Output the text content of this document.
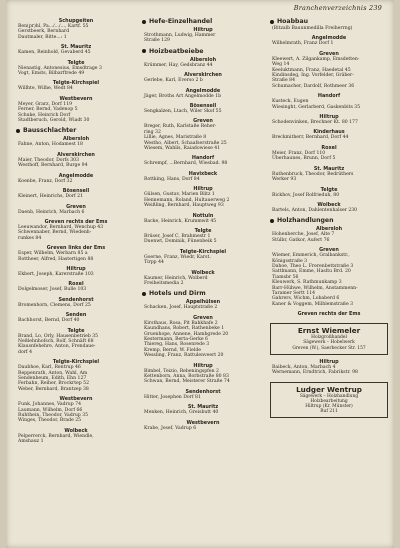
Branchenverzeichnis 239
Schupgeiten
Ben(pr)hl, Pa.../.../..., Kartf. 55
Gerstbeerk, Bernhard
Dautmaler, Bitte...: 1
St. Mauritz
Kamen, Reinhold, Gevaberd 45
Telgte
Nienastig, Antonesius, Emsdtrage 3
Vogt, Emsts, Bilbarftrede 49
Telgte-Kirchspiel
Willhte, Wilhe, Wedt 84
Westbevern
Meyer, Grarz, Dorf 119
Ferner, Bernd, Vadenop 5
Schuke, Heinrich Dorf
Stadtberuch, Gerold, Wiadt 30
Bausschlachter
Albersloh
Fahne, Anton, Hodamest 18
Alverskirchen
Maier, Theodor, Dorfs 303
Westhoff, Bernhard, Burge 94
Angelmodde
Koenbe, Franz, Dorf 32
Bösensell
Kleinert, Heinrichs, Dorf 21
Greven
Daenb, Heinrich, Marbach 6
Greven rechts der Ems
Leeuwandor, Bernhard, Wenchup 43
Schwennaber, Bernd, Wiedenh-
runkes 84
Greven links der Ems
Esper, Wilhelm, Werbarn 85 a
Rottheer, Alfred, Hastertigen 88
Hiltrup
Ekbert, Joseph, Karerstraße 103
Roxel
Dolgelmoser, Josef, Bulle 103
Sendenhorst
Bromenhorn, Clemens, Dorf 25
Senden
Bachhorst, Bernd, Dorf 40
Telgte
Brand, Lo, Orly, Hausenbetrieb 35
Neßlehnhofsch, Rolf, Schnäft 68
Klausnfehehre, Anton, Frendaue-
dorf 4
Telgte-Kirchspiel
Daubhoe, Karl, Rentrup 46
Reppenrath, Anton, Wahl, Am
Sendenbeum, Edith, Ehn 127
Ferbahn, Reiher, Brockrtep 52
Weber, Bernhard, Brantzep 38
Westbevern
Funk, Johannes, Vadrup 74
Laumann, Wilhelm, Dorf 66
Ruhthein, Theodor, Vadrup 35
Winges, Theodor, Brade 25
Wolbeck
Pelperrerck, Bernhard, Wiendle,
Amshauz 1
Hefe-Einzelhandel
Hiltrup
Strothmann, Ludwig, Hammer
Straße 129
Hoizbeatbeiebe
Albersloh
Krümmer, Hay, Gedsbranz 44
Alverskirchen
Gerlebe, Karl, Everso 2 b
Angelmodde
Jäger, Broths Art Angelmodde 1b
Bösensell
Sengkalzen, Ltach, Wiler Skof 55
Greven
Breger, Ruth, Karlstaße Reher-
ring 32
Lillie, Agnes, Maristraße 8
Westho, Albert, Schaafserstraße 25
Wiesem, Wahlis, Raiadowiese 41
Handorf
Schrempf, ...Bernhard, Wiesbad. 98
Havixbeck
Rottking, Hans, Dorf 84
Hiltrup
Gülsen, Gustav, Marien Blitz 1
Hennemann, Roland, Hultauerweg 2
Weißling, Bernhard, Hauptweg 93
Nottuln
Backe, Heinrich, Krummwit 45
Telgte
Brüser, Josef C, Brahmestr 1
Duenwt, Dominik, Fünenbeik 5
Telgte-Kirchspiel
Goerne, Franz, Wiedr, Karst.
Tirpp 44
Wolbeck
Kaumer, Heinrich, Wolberd
Freiheitsmedia 2
Hotels und Dirm
Appelhülsen
Schacken, Josef, Hauptstraße 2
Greven
Kirsthaus, Rosa, Pit Bahkhafe 2
Kaundhans, Robert, Rathenbeke 1
Gruenhope, Annene, Hambgrede 20
Kestermann, Berta-Gerke 6
Thiereg, Hans, Rosenrede 3
Kremp, Bernd, W. Fielde
Wessling, Franz, Rattulenveert 20
Hiltrup
Bimbel, Teizio, Rebeningspfen 2
Kettenborn, Anna, Borbstraße 80 83
Schwan, Bernd, Meisterer Straße 74
Sendenhorst
Hitter, Josephen Dorf 81
St. Mauritz
Menken, Heinrich, Greisbutt 40
Westbevern
Krabe, Josef, Vadrup 6
Hoabbau
(Bitzalb Bauunmedilla Freiherrng)
Angelmodde
Wilhelmrath, Franz Dorf 1
Greven
Kleewert, A. Zilgankamp, Emsdetten-
Weg 14
Keeluktmann, Franz, Haedetal 45
Kindinsdeg, Ing. Vorfelder, Gräber-
Straße 84
Schumacher, Dardolf, Rothmeer 36
Handorf
Kusteck, Eugen
Wiesinght, Gerlarberd, Gaskenbits 35
Hiltrup
Schodenvinken, Brechner Kt. 80 177
Kinderhaus
Breckmitherr, Bernhard, Dorf 44
Roxel
Meier, Franz, Dorf 110
Überhaunes, Brunn, Dorf 5
St. Mauritz
Ruthenbruck, Theodor, Bedrüthers
Werker 93
Telgte
Bickhov, Josef Rolfrieduh, 80
Wolbeck
Bartels, Anton, Dahlentenhalser 230
Holzhandlungen
Albersloh
Hohenberche, Josef, Alte 7
Stülbr, Gatkor, Aufert 76
Greven
Wiemer, Emmerich, Gralbankstr.,
Königsstraße 3
Dahoe, Theo L. Frerenbettstraße 3
Sattlmann, Emme, Hasltu Brd. 20
Tiamsbr 56
Kleuwerk, S. Rathmunkamp 3
Barr-Hühwe, Wilhelm, Anstammenn-
Taramer Sertt 114
Gahrers, Wichm, Lobaberd 6
Kaner & Voggem, Milhlemstraße 3
Greven rechts der Ems
Ernst Wiemeler
Holzgroßhandel
Sägewerk – Hobelwerk
Greven (W.), Saerbecker Str. 157
Hiltrup
Baibeck, Anton, Marbach 4
Wernemann, Erndtrich, Fabrikstr. 98
Ludger Wentrup
Sägewerk – Holzhandlung
Holzbearbeitung
Hiltrup (Kr. Münster)
Ruf 211
